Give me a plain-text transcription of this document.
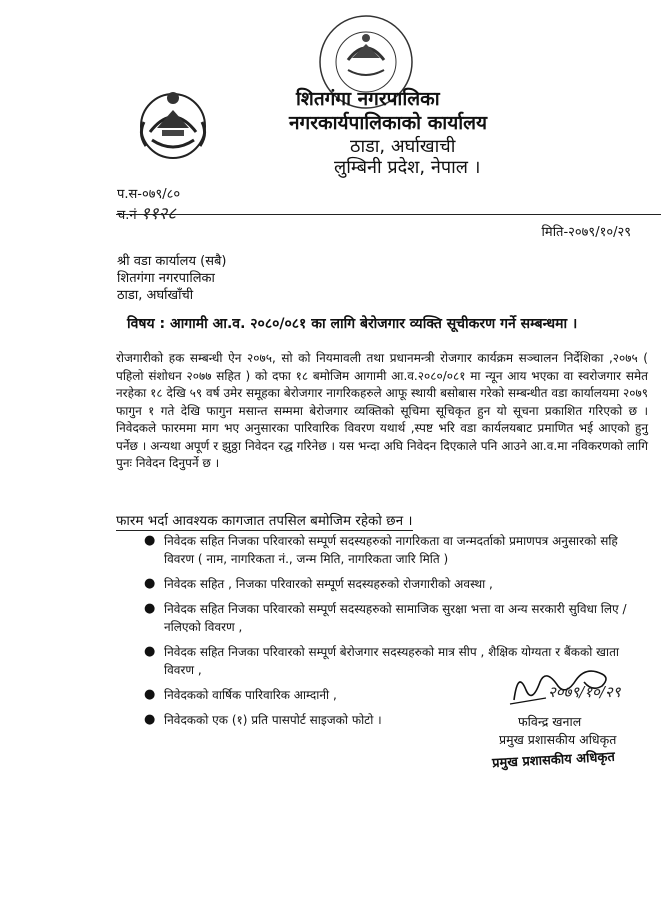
शितगंगा नगरपालिका
नगरकार्यपालिकाको कार्यालय
ठाडा, अर्घाखाची
लुम्बिनी प्रदेश, नेपाल ।
प.स-०७९/८०
च.नं ११२८
मिति-२०७९/१०/२९
श्री वडा कार्यालय (सबै)
शितगंगा नगरपालिका
ठाडा, अर्घाखाँची
विषय : आगामी आ.व. २०८०/०८१ का लागि बेरोजगार व्यक्ति सूचीकरण गर्ने सम्बन्धमा ।
रोजगारीको हक सम्बन्धी ऐन २०७५, सो को नियमावली तथा प्रधानमन्त्री रोजगार कार्यक्रम सञ्चालन निर्देशिका ,२०७५ ( पहिलो संशोधन २०७७ सहित ) को दफा १८ बमोजिम आगामी आ.व.२०८०/०८१ मा न्यून आय भएका वा स्वरोजगार समेत नरहेका १८ देखि ५९ वर्ष उमेर समूहका बेरोजगार नागरिकहरुले आफू स्थायी बसोबास गरेको सम्बन्धीत वडा कार्यालयमा २०७९ फागुन १ गते देखि फागुन मसान्त सम्ममा बेरोजगार व्यक्तिको सूचिमा सूचिकृत हुन यो सूचना प्रकाशित गरिएको छ । निवेदकले फारममा माग भए अनुसारका पारिवारिक विवरण यथार्थ ,स्पष्ट भरि वडा कार्यलयबाट प्रमाणित भई आएको हुनु पर्नेछ । अन्यथा अपूर्ण र झुठ्ठा निवेदन रद्ध गरिनेछ । यस भन्दा अघि निवेदन दिएकाले पनि आउने आ.व.मा नविकरणको लागि पुनः निवेदन दिनुपर्ने छ ।
फारम भर्दा आवश्यक कागजात तपसिल बमोजिम रहेको छन ।
● निवेदक सहित निजका परिवारको सम्पूर्ण सदस्यहरुको नागरिकता वा जन्मदर्ताको प्रमाणपत्र अनुसारको सहि विवरण ( नाम, नागरिकता नं., जन्म मिति, नागरिकता जारि मिति )
● निवेदक सहित , निजका परिवारको सम्पूर्ण सदस्यहरुको रोजगारीको अवस्था ,
● निवेदक सहित निजका परिवारको सम्पूर्ण सदस्यहरुको सामाजिक सुरक्षा भत्ता वा अन्य सरकारी सुविधा लिए / नलिएको विवरण ,
● निवेदक सहित निजका परिवारको सम्पूर्ण बेरोजगार सदस्यहरुको मात्र सीप , शैक्षिक योग्यता र बैंकको खाता विवरण ,
● निवेदकको वार्षिक पारिवारिक आम्दानी ,
● निवेदकको एक (१) प्रति पासपोर्ट साइजको फोटो ।
२०७९/१०/२९
फविन्द्र खनाल
प्रमुख प्रशासकीय अधिकृत
प्रमुख प्रशासकीय अधिकृत
